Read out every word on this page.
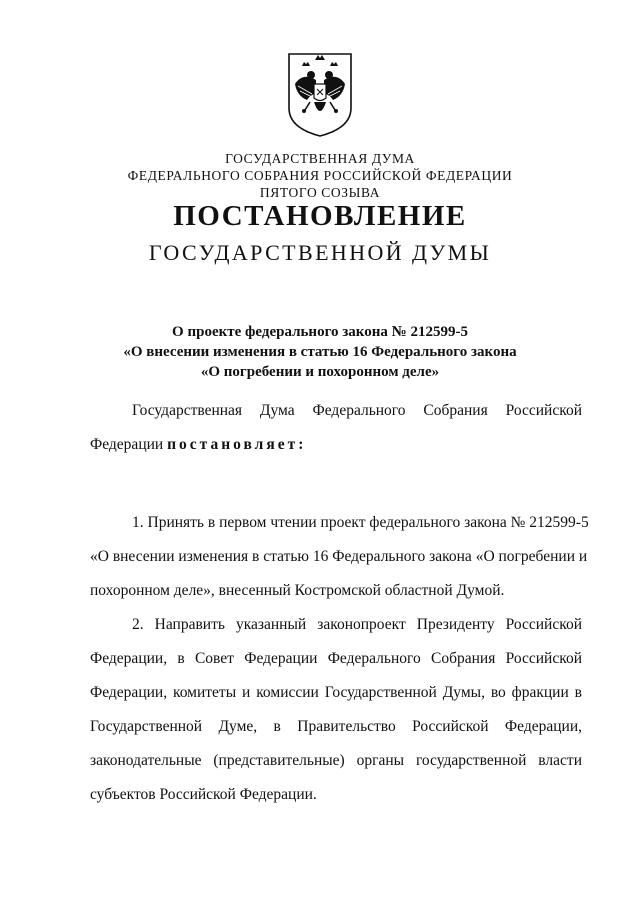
ГОСУДАРСТВЕННАЯ ДУМА
ФЕДЕРАЛЬНОГО СОБРАНИЯ РОССИЙСКОЙ ФЕДЕРАЦИИ
ПЯТОГО СОЗЫВА
ПОСТАНОВЛЕНИЕ
ГОСУДАРСТВЕННОЙ ДУМЫ
О проекте федерального закона № 212599-5
«О внесении изменения в статью 16 Федерального закона
«О погребении и похоронном деле»
Государственная Дума Федерального Собрания Российской
Федерации постановляет:
1. Принять в первом чтении проект федерального закона № 212599-5
«О внесении изменения в статью 16 Федерального закона «О погребении и
похоронном деле», внесенный Костромской областной Думой.
2. Направить указанный законопроект Президенту Российской
Федерации, в Совет Федерации Федерального Собрания Российской
Федерации, комитеты и комиссии Государственной Думы, во фракции в
Государственной Думе, в Правительство Российской Федерации,
законодательные (представительные) органы государственной власти
субъектов Российской Федерации.
